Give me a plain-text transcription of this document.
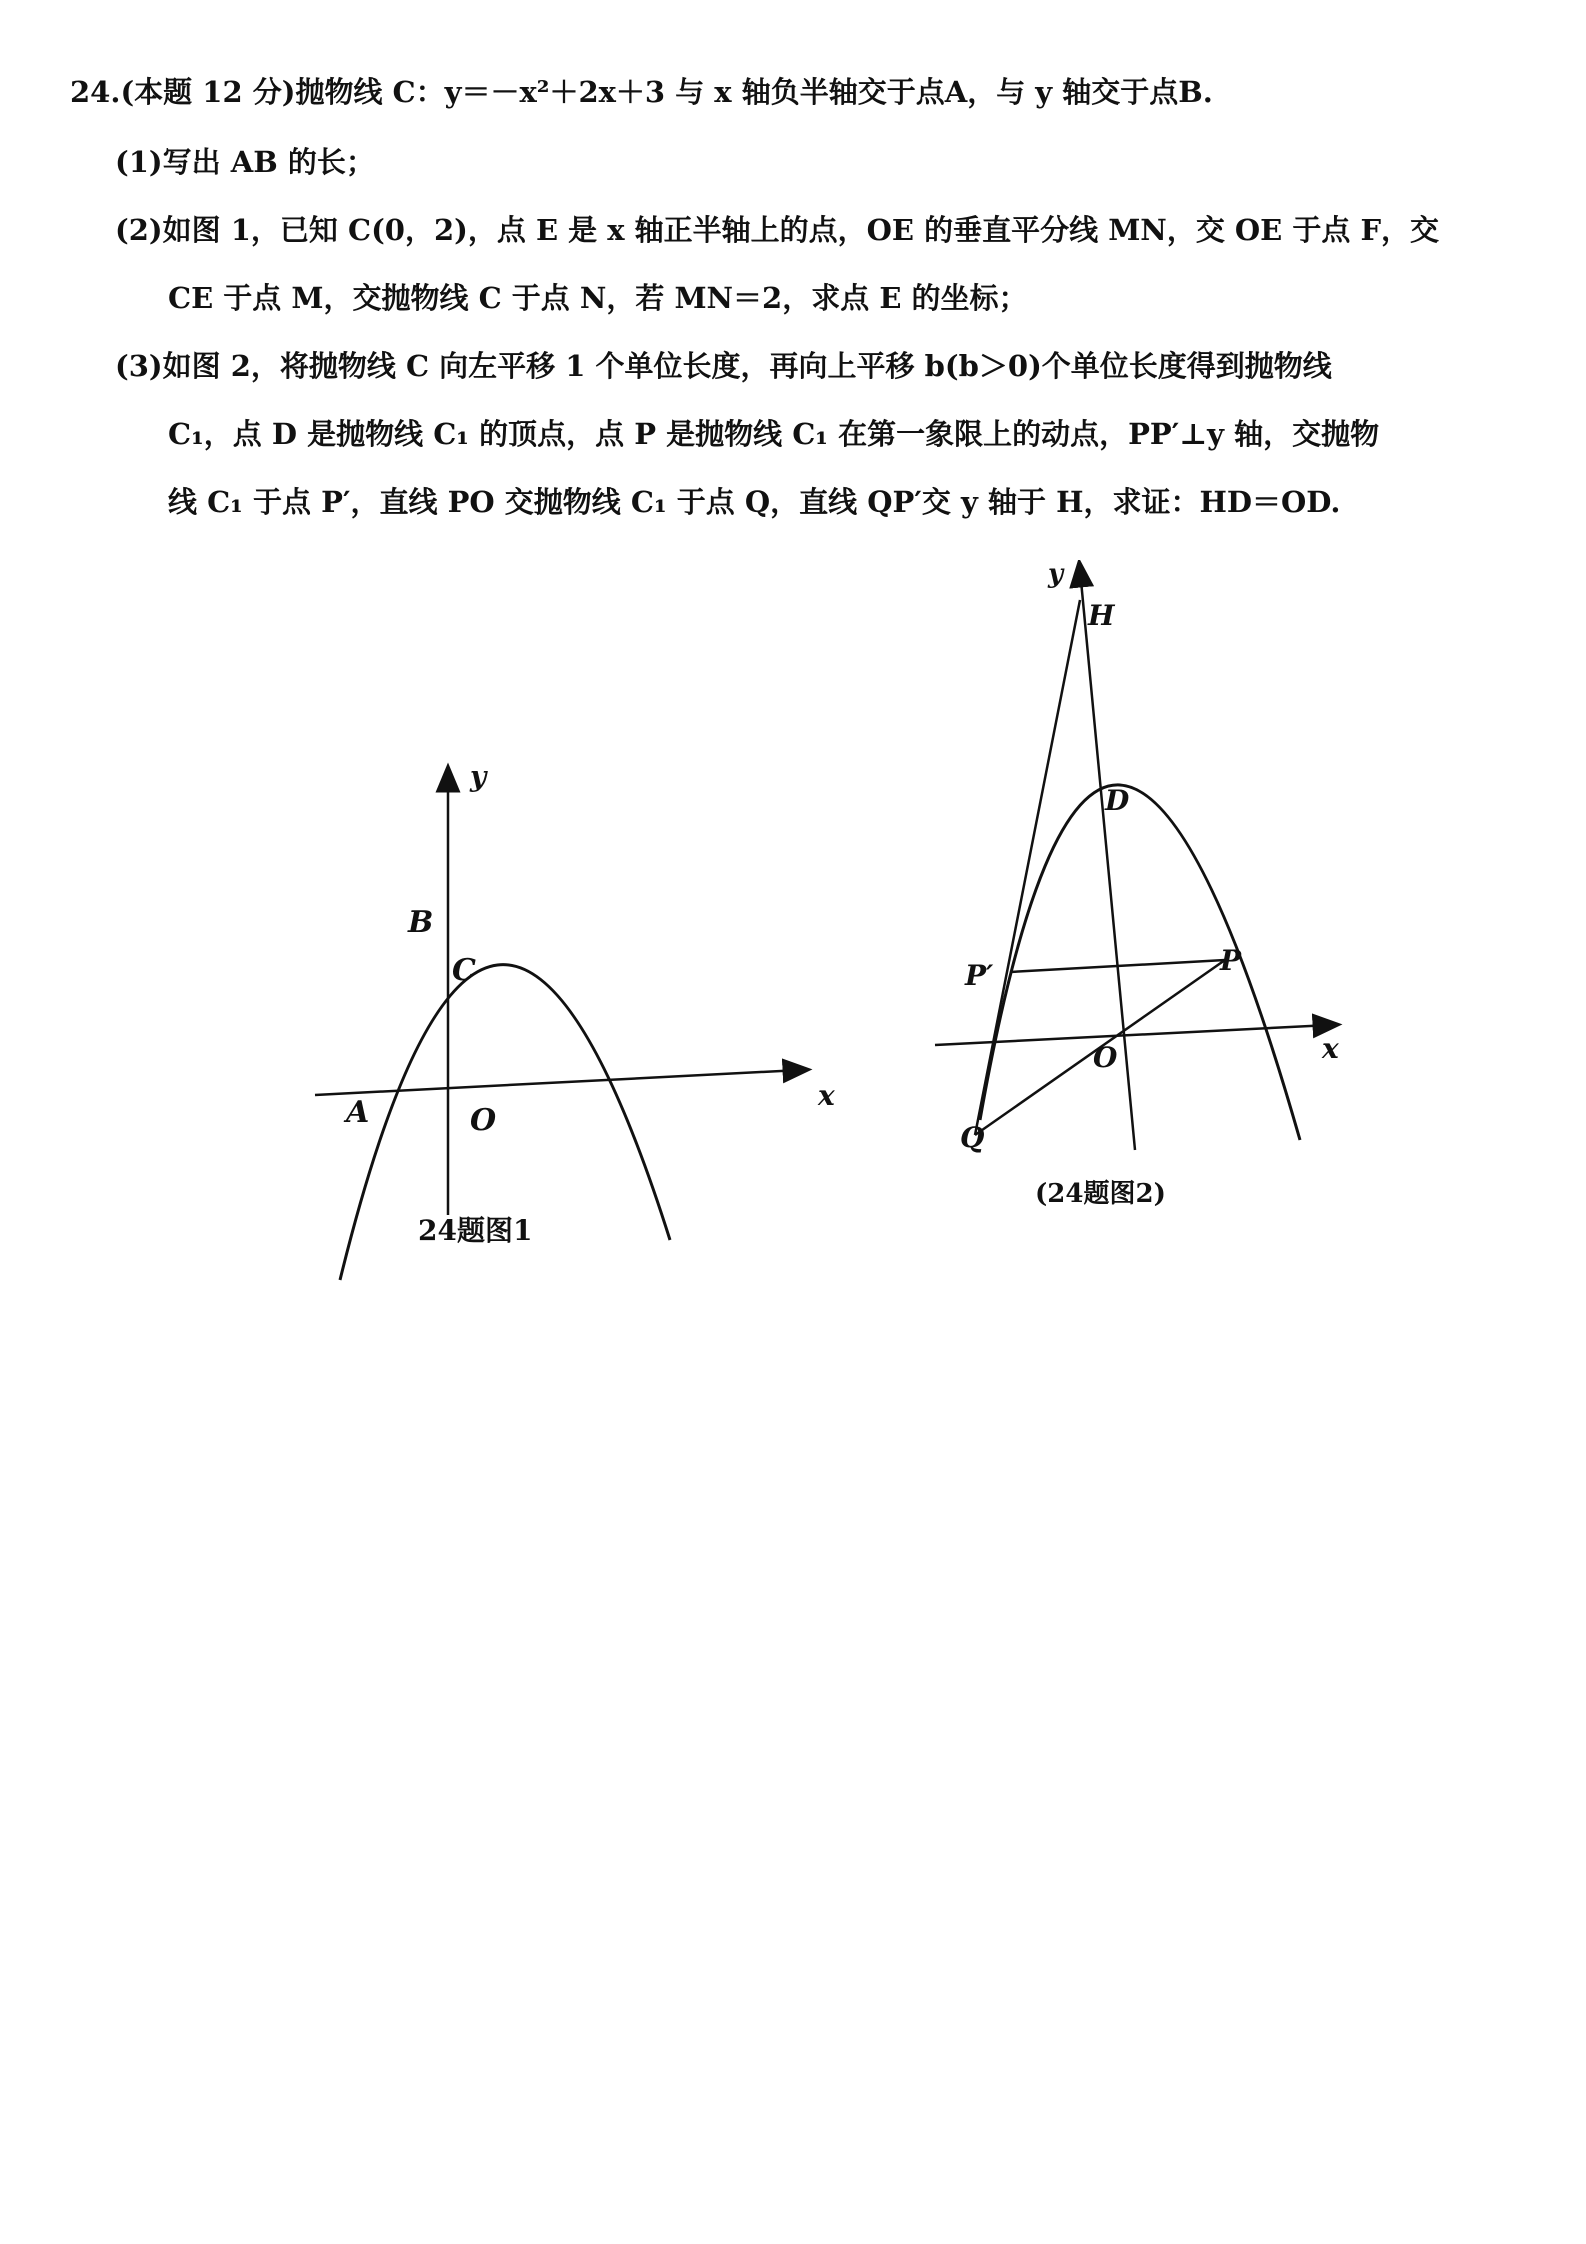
24.(本题 12 分)抛物线 C：y＝－x²＋2x＋3 与 x 轴负半轴交于点A，与 y 轴交于点B.
(1)写出 AB 的长；
(2)如图 1，已知 C(0，2)，点 E 是 x 轴正半轴上的点，OE 的垂直平分线 MN，交 OE 于点 F，交
CE 于点 M，交抛物线 C 于点 N，若 MN＝2，求点 E 的坐标；
(3)如图 2，将抛物线 C 向左平移 1 个单位长度，再向上平移 b(b＞0)个单位长度得到抛物线
C₁，点 D 是抛物线 C₁ 的顶点，点 P 是抛物线 C₁ 在第一象限上的动点，PP′⊥y 轴，交抛物
线 C₁ 于点 P′，直线 PO 交抛物线 C₁ 于点 Q，直线 QP′交 y 轴于 H，求证：HD＝OD.
y
x
B
C
A	O
24题图1
y
H
D
P′	P
x
O
Q
(24题图2)
